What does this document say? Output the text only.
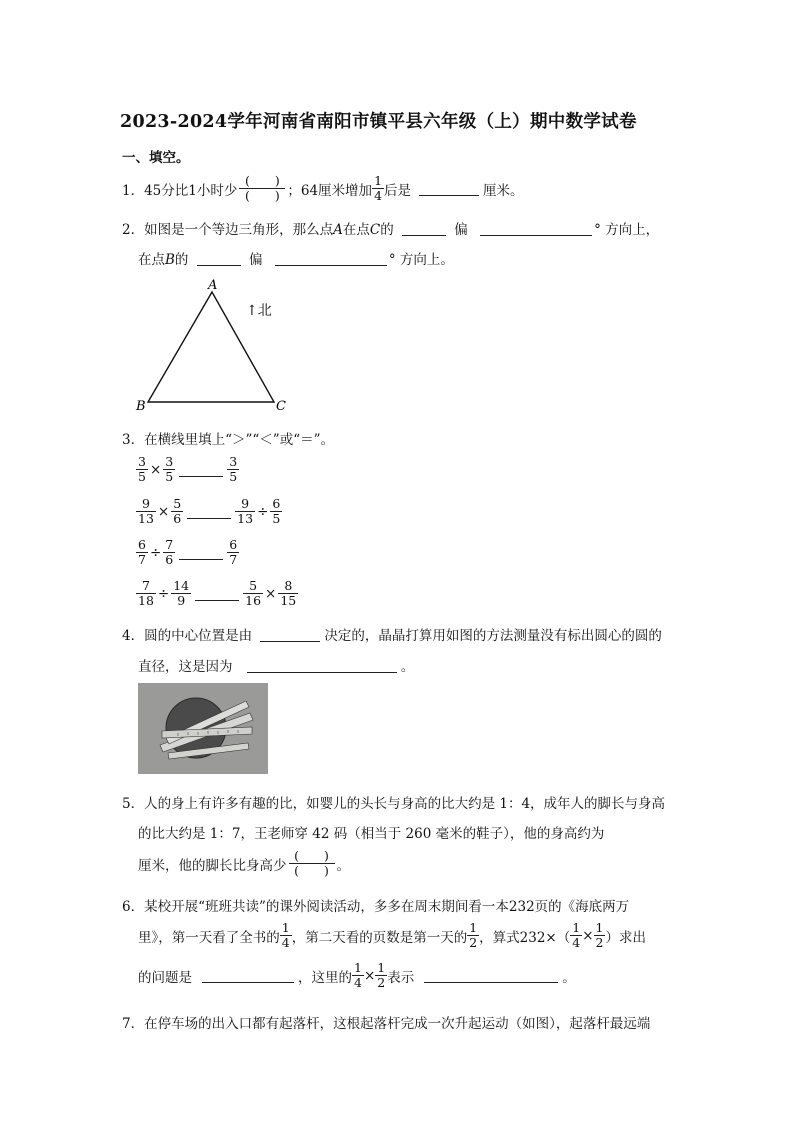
2023-2024学年河南省南阳市镇平县六年级（上）期中数学试卷
一、填空。
1． 45分比1小时少
(　　)
(　　) ；64厘米增加 $\frac{1}{4}$ 后是	厘米。
2．如图是一个等边三角形，那么点A在点C的	偏	° 方向上，
在点B的	偏	° 方向上。
A
B	C
↑北
3．在横线里填上“＞”“＜”或“＝”。
$\frac{3}{5} \times \frac{3}{5}$	$\frac{3}{5}$
$\frac{9}{13} \times \frac{5}{6}$	$\frac{9}{13} \div \frac{6}{5}$
$\frac{6}{7} \div \frac{7}{6}$	$\frac{6}{7}$
$\frac{7}{18} \div \frac{14}{9}$	$\frac{5}{16} \times \frac{8}{15}$
4．圆的中心位置是由	决定的，晶晶打算用如图的方法测量没有标出圆心的圆的
直径，这是因为	。
5．人的身上有许多有趣的比，如婴儿的头长与身高的比大约是 1：4，成年人的脚长与身高
的比大约是 1：7，王老师穿 42 码（相当于 260 毫米的鞋子），他的身高约为
厘米，他的脚长比身高少
(　　)
(　　) 。
6．某校开展“班班共读”的课外阅读活动，多多在周末期间看一本232页的《海底两万
里》，第一天看了全书的 $\frac{1}{4}$ ，第二天看的页数是第一天的 $\frac{1}{2}$ ，算式 $232\times( \frac{1}{4} \times \frac{1}{2}$ ）求出
的问题是	，这里的 $\frac{1}{4} \times \frac{1}{2}$ 表示	。
7．在停车场的出入口都有起落杆，这根起落杆完成一次升起运动（如图），起落杆最远端
